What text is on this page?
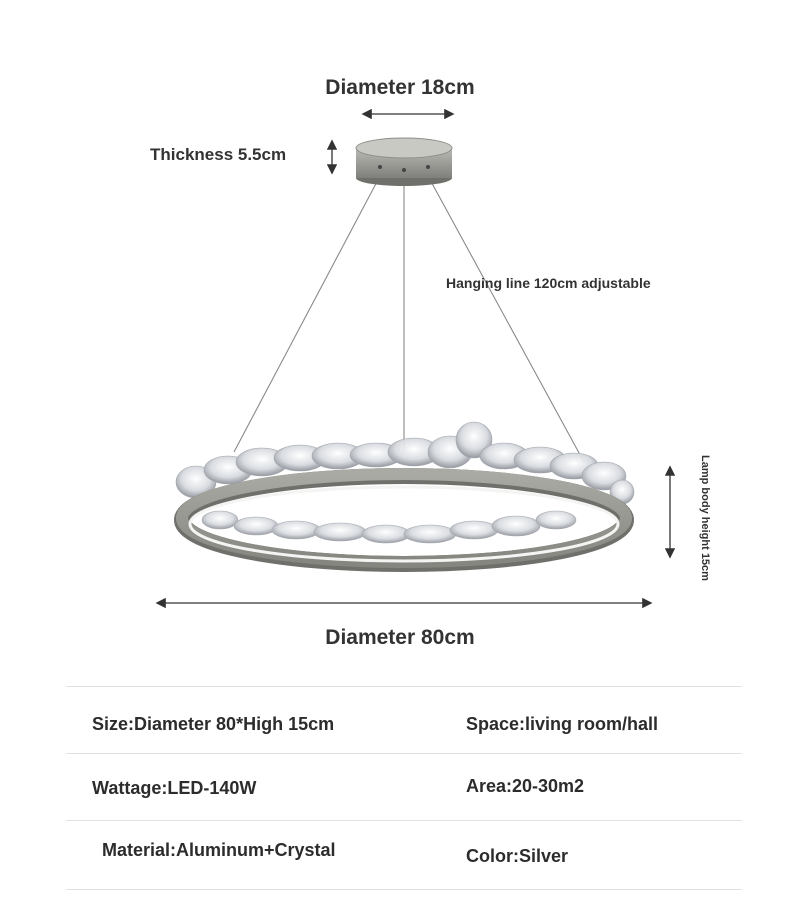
Diameter 18cm
Thickness 5.5cm
Hanging line 120cm adjustable
Lamp body height 15cm
Diameter 80cm
Size:Diameter 80*High 15cm	Space:living room/hall
Wattage:LED-140W	Area:20-30m2
Material:Aluminum+Crystal	Color:Silver
